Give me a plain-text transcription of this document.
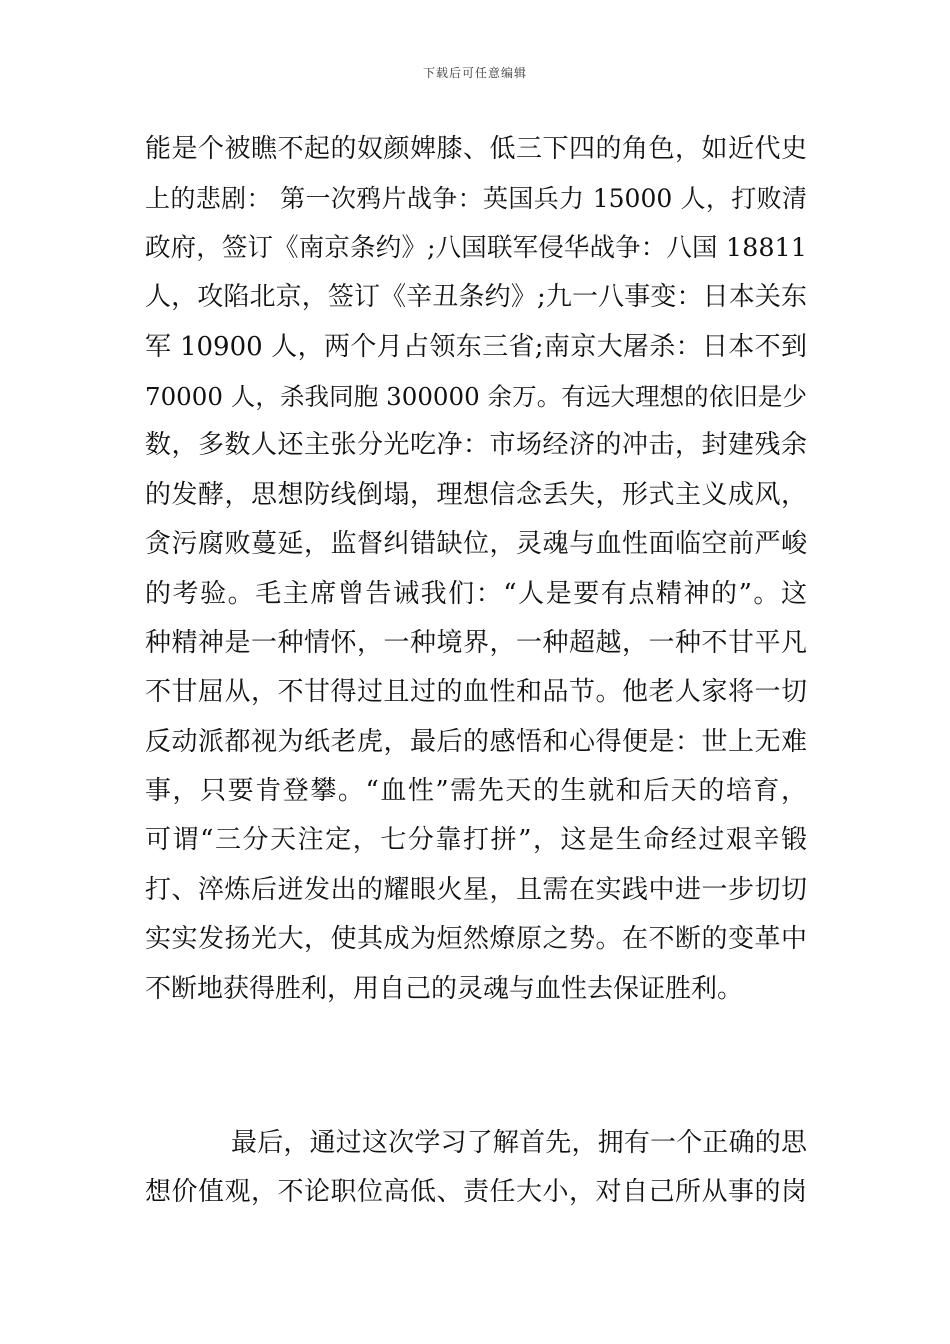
下载后可任意编辑
能是个被瞧不起的奴颜婢膝、低三下四的角色，如近代史
上的悲剧： 第一次鸦片战争：英国兵力 15000 人，打败清
政府，签订《南京条约》;八国联军侵华战争：八国 18811
人，攻陷北京，签订《辛丑条约》;九一八事变：日本关东
军 10900 人，两个月占领东三省;南京大屠杀：日本不到
70000 人，杀我同胞 300000 余万。有远大理想的依旧是少
数，多数人还主张分光吃净：市场经济的冲击，封建残余
的发酵，思想防线倒塌，理想信念丢失，形式主义成风，
贪污腐败蔓延，监督纠错缺位，灵魂与血性面临空前严峻
的考验。毛主席曾告诫我们：“人是要有点精神的”。这
种精神是一种情怀，一种境界，一种超越，一种不甘平凡
不甘屈从，不甘得过且过的血性和品节。他老人家将一切
反动派都视为纸老虎，最后的感悟和心得便是：世上无难
事，只要肯登攀。“血性”需先天的生就和后天的培育，
可谓“三分天注定，七分靠打拼”，这是生命经过艰辛锻
打、淬炼后迸发出的耀眼火星，且需在实践中进一步切切
实实发扬光大，使其成为烜然燎原之势。在不断的变革中
不断地获得胜利，用自己的灵魂与血性去保证胜利。
最后，通过这次学习了解首先，拥有一个正确的思
想价值观，不论职位高低、责任大小，对自己所从事的岗
